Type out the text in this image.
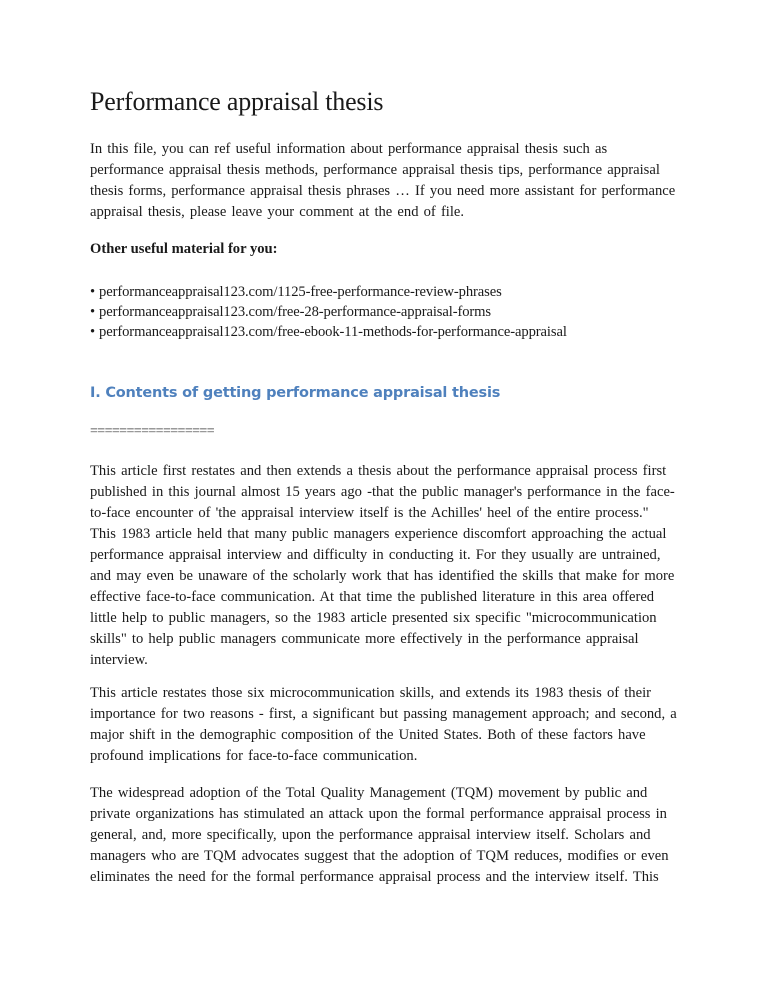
Performance appraisal thesis

In this file, you can ref useful information about performance appraisal thesis such as
performance appraisal thesis methods, performance appraisal thesis tips, performance appraisal
thesis forms, performance appraisal thesis phrases … If you need more assistant for performance
appraisal thesis, please leave your comment at the end of file.

Other useful material for you:
• performanceappraisal123.com/1125-free-performance-review-phrases
• performanceappraisal123.com/free-28-performance-appraisal-forms
• performanceappraisal123.com/free-ebook-11-methods-for-performance-appraisal
I. Contents of getting performance appraisal thesis
=================

This article first restates and then extends a thesis about the performance appraisal process first
published in this journal almost 15 years ago -that the public manager's performance in the face-
to-face encounter of 'the appraisal interview itself is the Achilles' heel of the entire process."
This 1983 article held that many public managers experience discomfort approaching the actual
performance appraisal interview and difficulty in conducting it. For they usually are untrained,
and may even be unaware of the scholarly work that has identified the skills that make for more
effective face-to-face communication. At that time the published literature in this area offered
little help to public managers, so the 1983 article presented six specific "microcommunication
skills" to help public managers communicate more effectively in the performance appraisal
interview.

This article restates those six microcommunication skills, and extends its 1983 thesis of their
importance for two reasons - first, a significant but passing management approach; and second, a
major shift in the demographic composition of the United States. Both of these factors have
profound implications for face-to-face communication.

The widespread adoption of the Total Quality Management (TQM) movement by public and
private organizations has stimulated an attack upon the formal performance appraisal process in
general, and, more specifically, upon the performance appraisal interview itself. Scholars and
managers who are TQM advocates suggest that the adoption of TQM reduces, modifies or even
eliminates the need for the formal performance appraisal process and the interview itself. This
